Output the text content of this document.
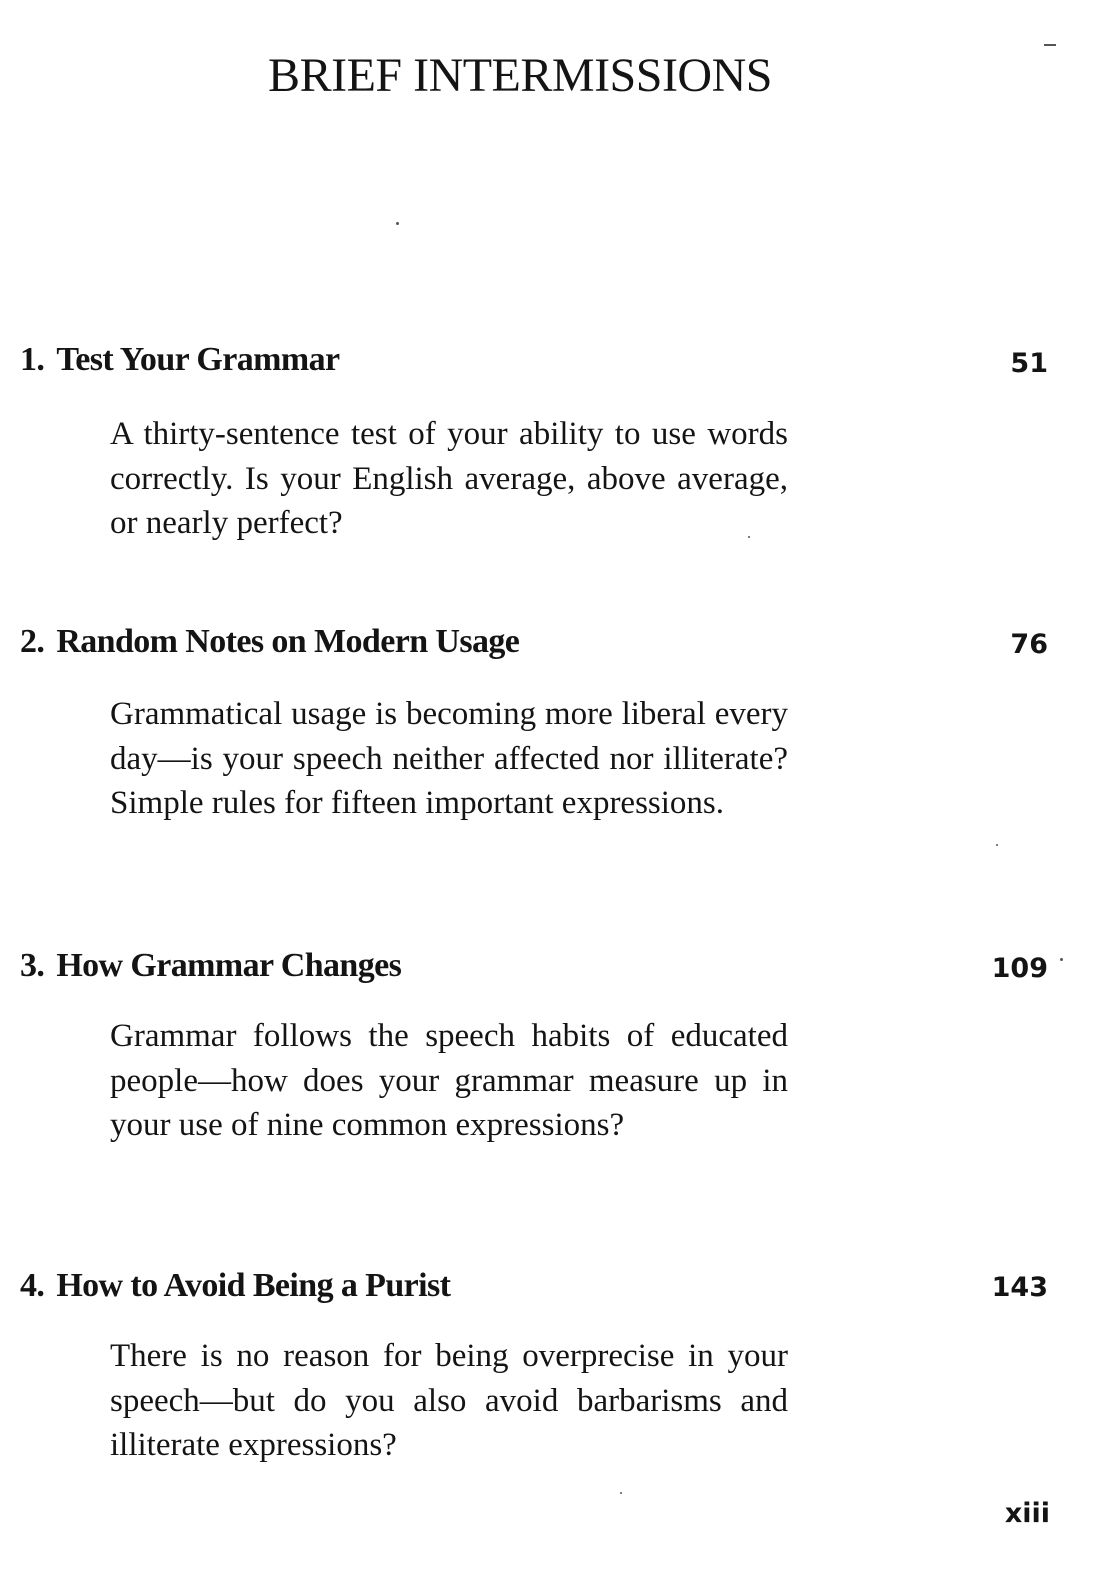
BRIEF INTERMISSIONS
1. Test Your Grammar	51

A thirty-sentence test of your ability to use words correctly. Is your English average, above average, or nearly perfect?

2. Random Notes on Modern Usage	76

Grammatical usage is becoming more liberal every day—is your speech neither affected nor illiterate? Simple rules for fifteen important expressions.

3. How Grammar Changes	109

Grammar follows the speech habits of educated people—how does your grammar measure up in your use of nine common expressions?

4. How to Avoid Being a Purist	143

There is no reason for being overprecise in your speech—but do you also avoid barbarisms and illiterate expressions?

xiii
